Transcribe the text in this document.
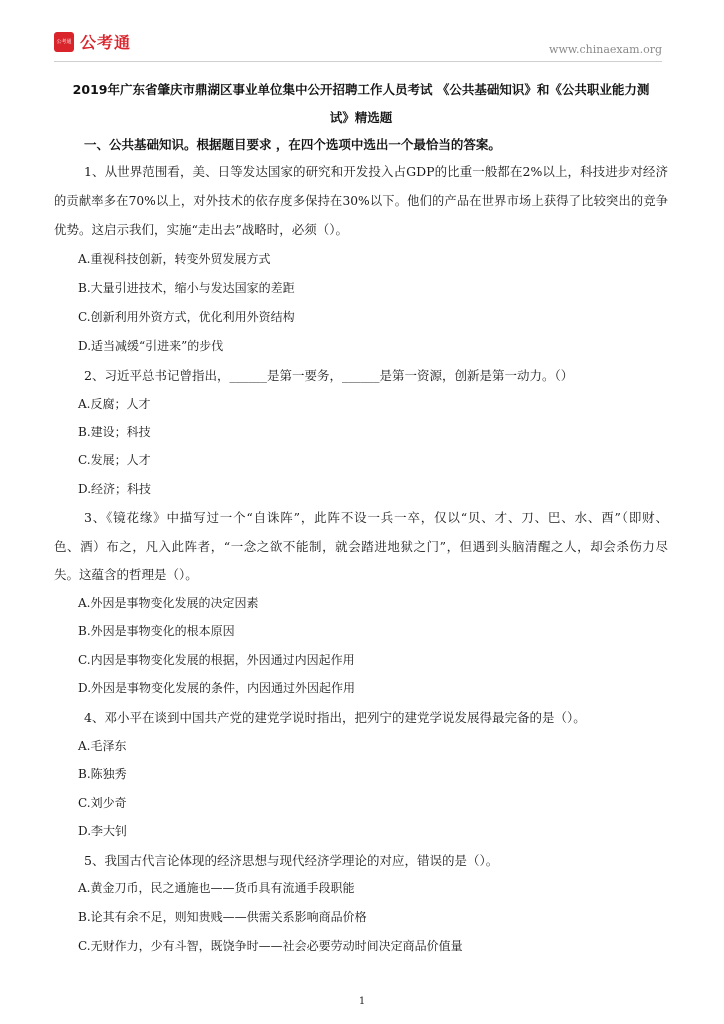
公考通 公考通	www.chinaexam.org
2019年广东省肇庆市鼎湖区事业单位集中公开招聘工作人员考试 《公共基础知识》和《公共职业能力测
试》精选题
一、公共基础知识。根据题目要求 ，在四个选项中选出一个最恰当的答案。
1、从世界范围看，美、日等发达国家的研究和开发投入占GDP的比重一般都在2%以上，科技进步对经济
的贡献率多在70%以上，对外技术的依存度多保持在30%以下。他们的产品在世界市场上获得了比较突出的竞争
优势。这启示我们，实施“走出去”战略时，必须（）。
A.重视科技创新，转变外贸发展方式
B.大量引进技术，缩小与发达国家的差距
C.创新利用外资方式，优化利用外资结构
D.适当减缓“引进来”的步伐
2、习近平总书记曾指出，______是第一要务，______是第一资源，创新是第一动力。（）
A.反腐；人才
B.建设；科技
C.发展；人才
D.经济；科技
3、《镜花缘》中描写过一个“自诛阵”，此阵不设一兵一卒，仅以“贝、才、刀、巴、水、酉”（即财、
色、酒）布之，凡入此阵者，“一念之欲不能制，就会踏进地狱之门”，但遇到头脑清醒之人，却会杀伤力尽
失。这蕴含的哲理是（）。
A.外因是事物变化发展的决定因素
B.外因是事物变化的根本原因
C.内因是事物变化发展的根据，外因通过内因起作用
D.外因是事物变化发展的条件，内因通过外因起作用
4、邓小平在谈到中国共产党的建党学说时指出，把列宁的建党学说发展得最完备的是（）。
A.毛泽东
B.陈独秀
C.刘少奇
D.李大钊
5、我国古代言论体现的经济思想与现代经济学理论的对应，错误的是（）。
A.黄金刀币，民之通施也——货币具有流通手段职能
B.论其有余不足，则知贵贱——供需关系影响商品价格
C.无财作力，少有斗智，既饶争时——社会必要劳动时间决定商品价值量
1
